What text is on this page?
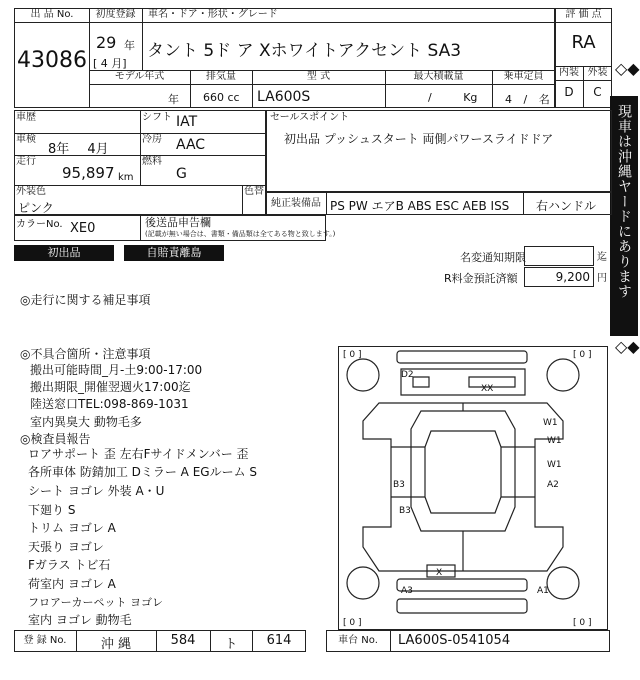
出 品 No.
43086
初度登録	車名・ドア・形状・グレード
29 年
[ 4 月]
タント 5ド ア Xホワイトアクセント SA3
モデル年式	排気量	型 式	最大積載量	乗車定員
年 660 cc LA600S	/ Kg	4 / 名
評 価 点
RA
内装 外装
D	C
◇◆
現車は沖縄ヤードにあります
◇◆
車歴
車検
8年 4月
走行
95,897 km
シフト IAT
冷房 AAC
燃料
G
外装色
ピンク
色替
セールスポイント
初出品 プッシュスタート 両側パワースライドドア
純正装備品 PS PW エアB ABS ESC AEB ISS 右ハンドル
カラーNo. XE0	後送品申告欄
(記載が無い場合は、書類・備品類は全てある物と致します。)
初出品	自賠責離島	名変通知期限	迄
R料金預託済額	9,200 円
◎走行に関する補足事項
◎不具合箇所・注意事項
搬出可能時間_月-土9:00-17:00
搬出期限_開催翌週火17:00迄
陸送窓口TEL:098-869-1031
室内異臭大 動物毛多
◎検査員報告
ロアサポート 歪 左右Fサイドメンバー 歪
各所車体 防錆加工 Dミラー A EGルーム S
シート ヨゴレ 外装 A・U
下廻り S
トリム ヨゴレ A
天張り ヨゴレ
Fガラス トビ石
荷室内 ヨゴレ A
フロアーカーペット ヨゴレ
室内 ヨゴレ 動物毛
[ 0 ]	[ 0 ]
[ 0 ]	[ 0 ]
D2
XX
W1
W1
W1
A2
B3
B3
X
A3	A1
登 録 No.	沖 縄	584	ト	614	車台 No.	LA600S-0541054
